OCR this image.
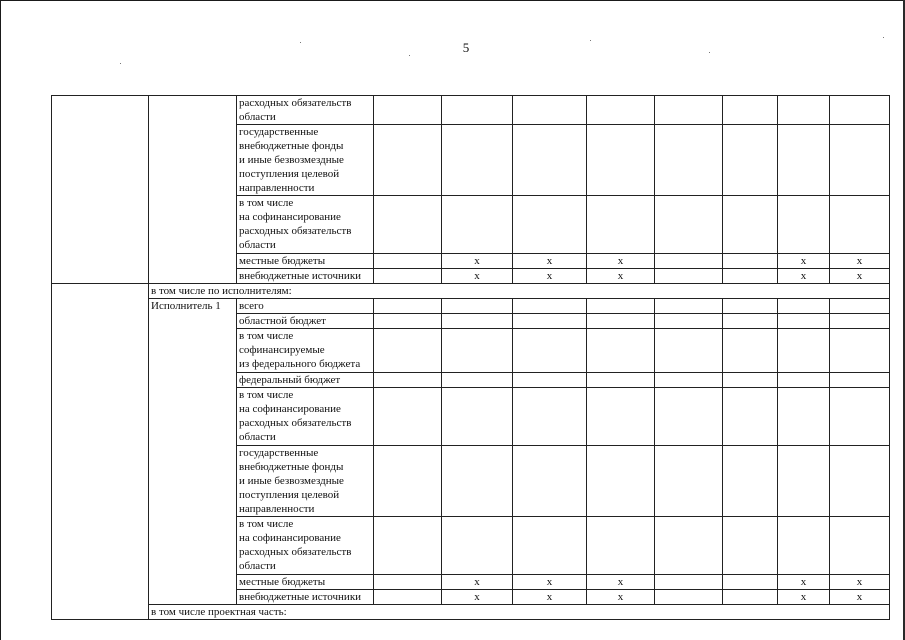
5

		расходных обязательств
области								

		государственные
внебюджетные фонды
и иные безвозмездные
поступления целевой
направленности								

		в том числе
на софинансирование
расходных обязательств
области								

		местные бюджеты		x	x	x			x	x

		внебюджетные источники		x	x	x			x	x

	в том числе по исполнителям:									

	Исполнитель 1	всего								

		областной бюджет								

		в том числе
софинансируемые
из федерального бюджета								

		федеральный бюджет								

		в том числе
на софинансирование
расходных обязательств
области								

		государственные
внебюджетные фонды
и иные безвозмездные
поступления целевой
направленности								

		в том числе
на софинансирование
расходных обязательств
области								

		местные бюджеты		x	x	x			x	x

		внебюджетные источники		x	x	x			x	x

	в том числе проектная часть:									
